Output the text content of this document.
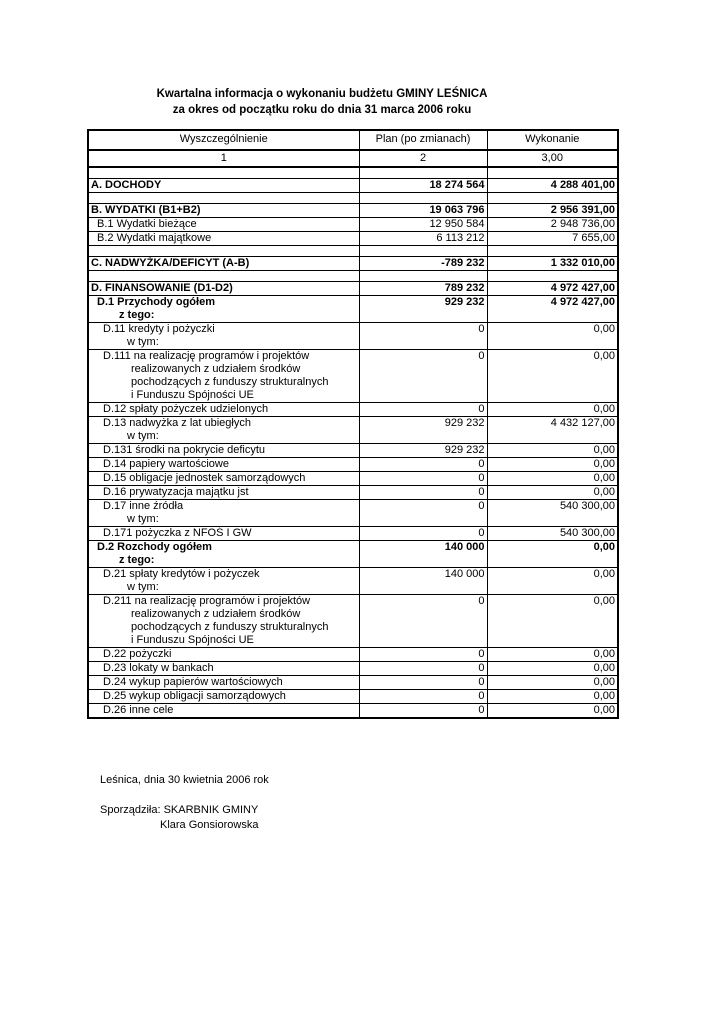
Kwartalna informacja o wykonaniu budżetu GMINY LEŚNICA
za okres od początku roku do dnia 31 marca 2006 roku
Wyszczególnienie	Plan (po zmianach)	Wykonanie
1	2	3,00

A. DOCHODY	18 274 564	4 288 401,00

B. WYDATKI (B1+B2)	19 063 796	2 956 391,00
B.1 Wydatki bieżące	12 950 584	2 948 736,00
B.2 Wydatki majątkowe	6 113 212	7 655,00

C. NADWYŻKA/DEFICYT (A-B)	-789 232	1 332 010,00

D. FINANSOWANIE (D1-D2)	789 232	4 972 427,00
D.1 Przychody ogółem	929 232	4 972 427,00
z tego:		
D.11 kredyty i pożyczki	0	0,00
w tym:		
D.111 na realizację programów i projektów	0	0,00
realizowanych z udziałem środków		
pochodzących z funduszy strukturalnych		
i Funduszu Spójności UE		
D.12 spłaty pożyczek udzielonych	0	0,00
D.13 nadwyżka z lat ubiegłych	929 232	4 432 127,00
w tym:		
D.131 środki na pokrycie deficytu	929 232	0,00
D.14 papiery wartościowe	0	0,00
D.15 obligacje jednostek samorządowych	0	0,00
D.16 prywatyzacja majątku jst	0	0,00
D.17 inne źródła	0	540 300,00
w tym:		
D.171 pożyczka z NFOŚ I GW	0	540 300,00
D.2 Rozchody ogółem	140 000	0,00
z tego:		
D.21 spłaty kredytów i pożyczek	140 000	0,00
w tym:		
D.211 na realizację programów i projektów	0	0,00
realizowanych z udziałem środków		
pochodzących z funduszy strukturalnych		
i Funduszu Spójności UE		
D.22 pożyczki	0	0,00
D.23 lokaty w bankach	0	0,00
D.24 wykup papierów wartościowych	0	0,00
D.25 wykup obligacji samorządowych	0	0,00
D.26 inne cele	0	0,00
Leśnica, dnia 30 kwietnia 2006 rok
Sporządziła: SKARBNIK GMINY
Klara Gonsiorowska
